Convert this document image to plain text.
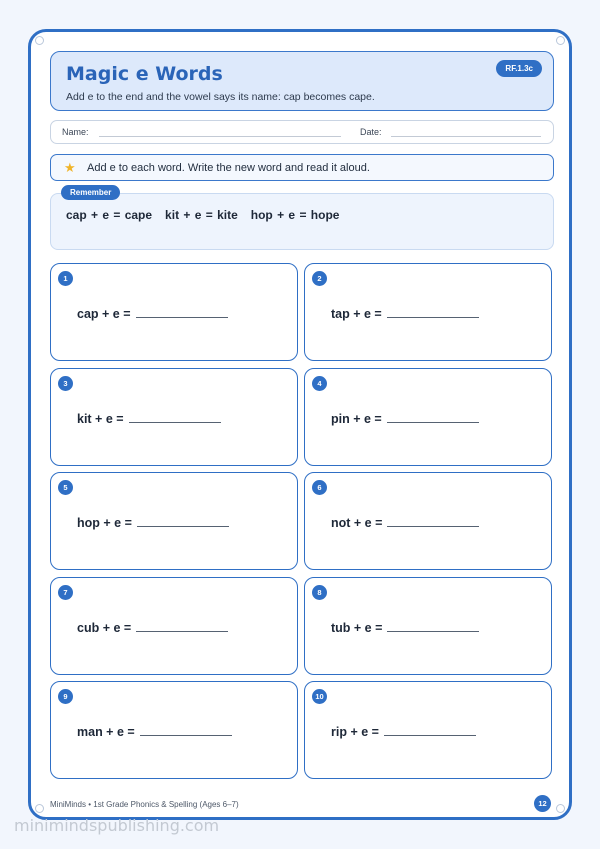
Magic e Words
Add e to the end and the vowel says its name: cap becomes cape.
RF.1.3c
Name:	Date:
★ Add e to each word. Write the new word and read it aloud.
cap + e = cape   kit + e = kite   hop + e = hope
Remember
1
cap + e =
2
tap + e =
3
kit + e =
4
pin + e =
5
hop + e =
6
not + e =
7
cub + e =
8
tub + e =
9
man + e =
10
rip + e =
MiniMinds • 1st Grade Phonics & Spelling (Ages 6–7)	12
minimindspublishing.com
